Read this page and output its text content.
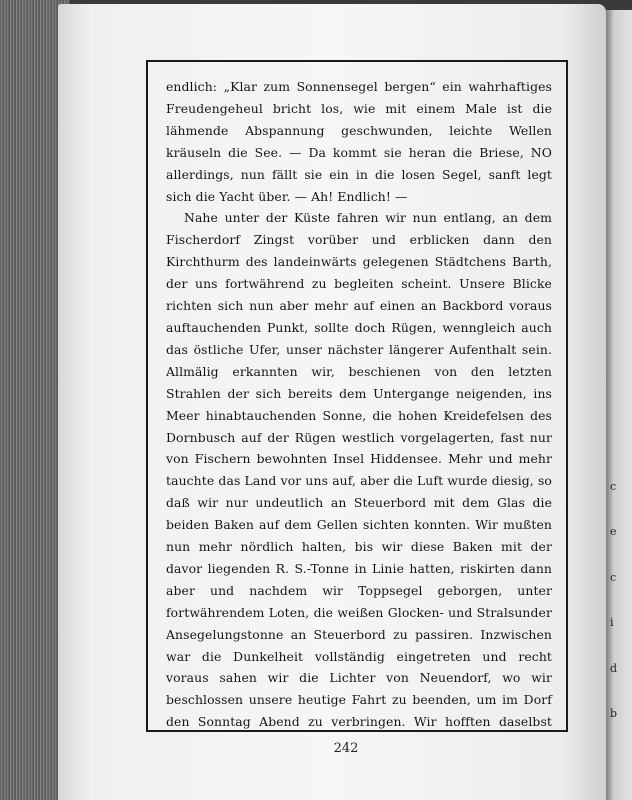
c
e
c
i
d
b

endlich: „Klar zum Sonnensegel bergen“ ein wahrhaftiges Freudengeheul bricht los, wie mit einem Male ist die lähmende Abspannung geschwunden, leichte Wellen kräuseln die See. — Da kommt sie heran die Briese, NO allerdings, nun fällt sie ein in die losen Segel, sanft legt sich die Yacht über. — Ah! Endlich! —

Nahe unter der Küste fahren wir nun entlang, an dem Fischerdorf Zingst vorüber und erblicken dann den Kirchthurm des landeinwärts gelegenen Städtchens Barth, der uns fortwährend zu begleiten scheint. Unsere Blicke richten sich nun aber mehr auf einen an Backbord voraus auftauchenden Punkt, sollte doch Rügen, wenngleich auch das östliche Ufer, unser nächster längerer Aufenthalt sein. Allmälig erkannten wir, beschienen von den letzten Strahlen der sich bereits dem Untergange neigenden, ins Meer hinabtauchenden Sonne, die hohen Kreidefelsen des Dornbusch auf der Rügen westlich vorgelagerten, fast nur von Fischern bewohnten Insel Hiddensee. Mehr und mehr tauchte das Land vor uns auf, aber die Luft wurde diesig, so daß wir nur undeutlich an Steuerbord mit dem Glas die beiden Baken auf dem Gellen sichten konnten. Wir mußten nun mehr nördlich halten, bis wir diese Baken mit der davor liegenden R. S.-Tonne in Linie hatten, riskirten dann aber und nachdem wir Toppsegel geborgen, unter fortwährendem Loten, die weißen Glocken- und Stralsunder Ansegelungstonne an Steuerbord zu passiren. Inzwischen war die Dunkelheit vollständig eingetreten und recht voraus sahen wir die Lichter von Neuendorf, wo wir beschlossen unsere heutige Fahrt zu beenden, um im Dorf den Sonntag Abend zu verbringen. Wir hofften daselbst

242
